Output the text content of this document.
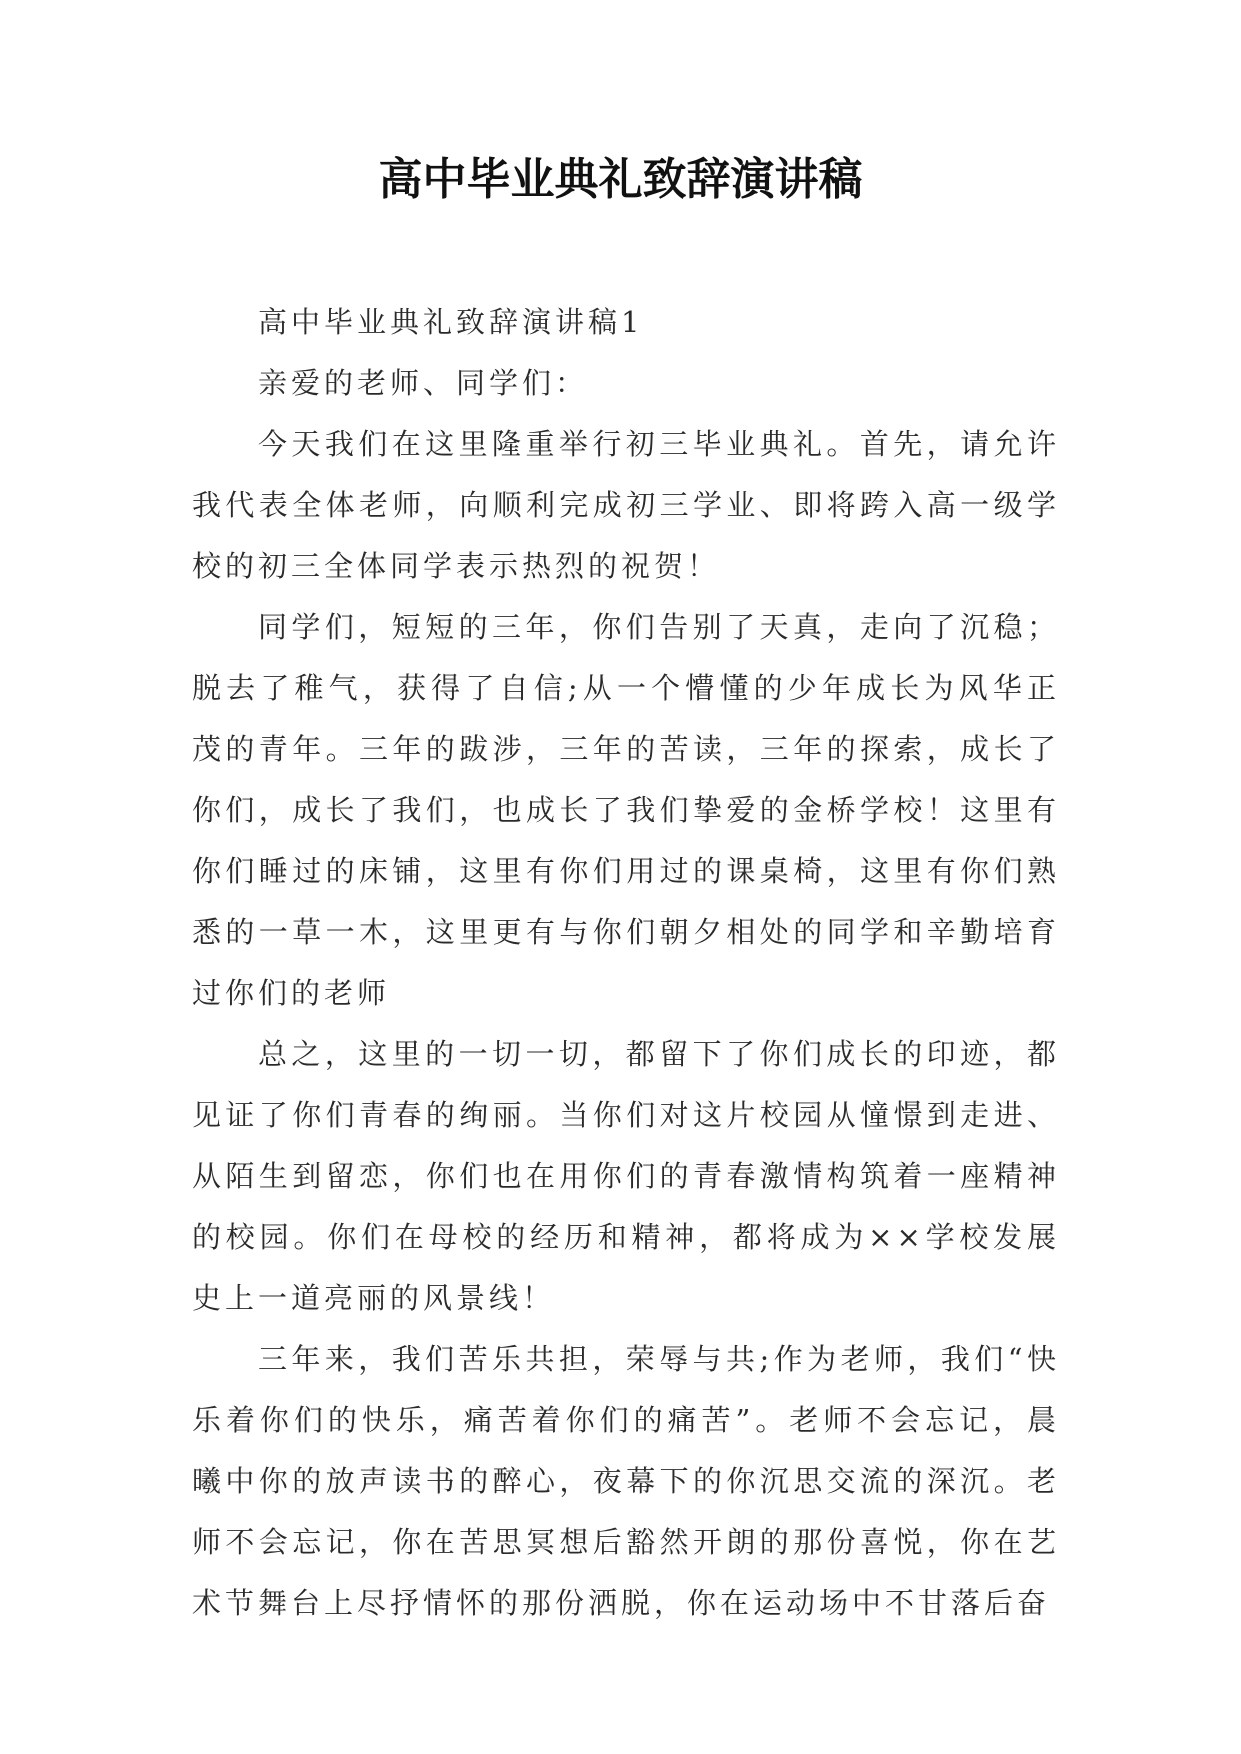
高中毕业典礼致辞演讲稿

高中毕业典礼致辞演讲稿1

亲爱的老师、同学们：

今天我们在这里隆重举行初三毕业典礼。首先，请允许我代表全体老师，向顺利完成初三学业、即将跨入高一级学校的初三全体同学表示热烈的祝贺！

同学们，短短的三年，你们告别了天真，走向了沉稳；脱去了稚气，获得了自信;从一个懵懂的少年成长为风华正茂的青年。三年的跋涉，三年的苦读，三年的探索，成长了你们，成长了我们，也成长了我们挚爱的金桥学校！这里有你们睡过的床铺，这里有你们用过的课桌椅，这里有你们熟悉的一草一木，这里更有与你们朝夕相处的同学和辛勤培育过你们的老师

总之，这里的一切一切，都留下了你们成长的印迹，都见证了你们青春的绚丽。当你们对这片校园从憧憬到走进、从陌生到留恋，你们也在用你们的青春激情构筑着一座精神的校园。你们在母校的经历和精神，都将成为××学校发展史上一道亮丽的风景线！

三年来，我们苦乐共担，荣辱与共;作为老师，我们“快乐着你们的快乐，痛苦着你们的痛苦”。老师不会忘记，晨曦中你的放声读书的醉心，夜幕下的你沉思交流的深沉。老师不会忘记，你在苦思冥想后豁然开朗的那份喜悦，你在艺术节舞台上尽抒情怀的那份洒脱，你在运动场中不甘落后奋
